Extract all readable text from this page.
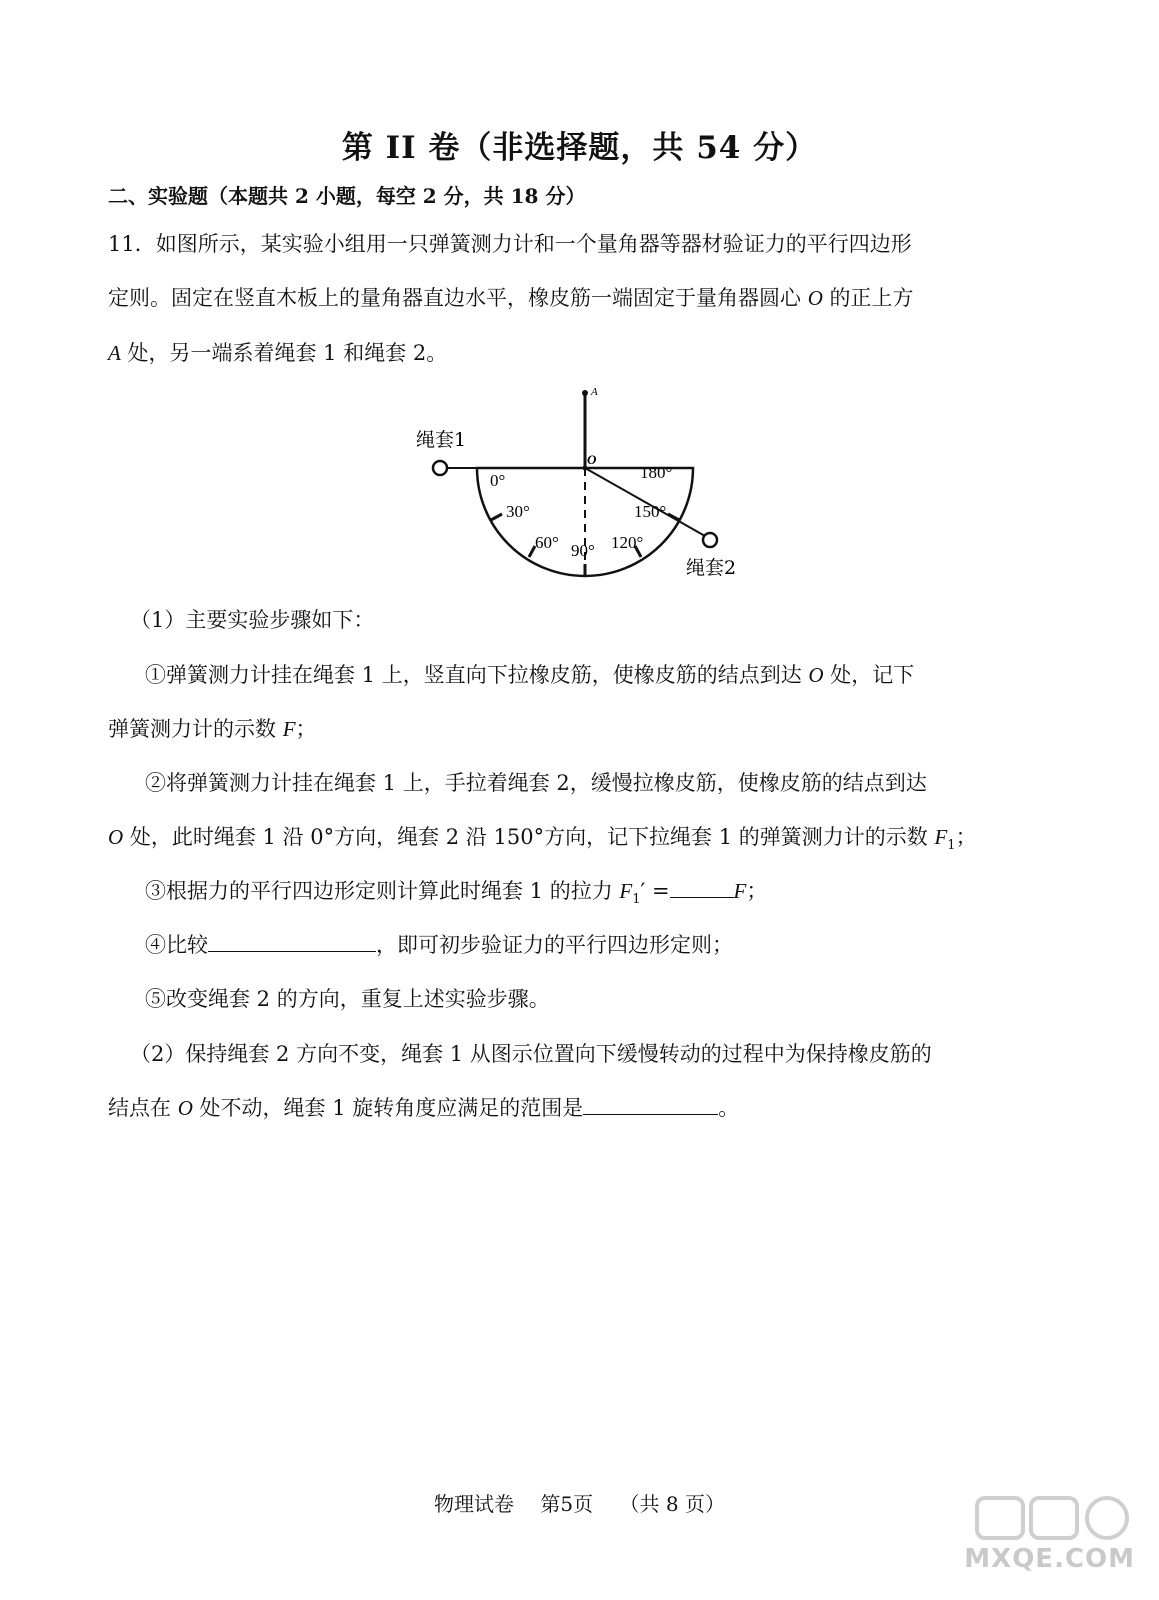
第 II 卷（非选择题，共 54 分）
二、实验题（本题共 2 小题，每空 2 分，共 18 分）
11．如图所示，某实验小组用一只弹簧测力计和一个量角器等器材验证力的平行四边形
定则。固定在竖直木板上的量角器直边水平，橡皮筋一端固定于量角器圆心 O 的正上方
A 处，另一端系着绳套 1 和绳套 2。
A
绳套1
绳套2
O
0°
30°
60° 90° 120°
150°
180°
（1）主要实验步骤如下：
①弹簧测力计挂在绳套 1 上，竖直向下拉橡皮筋，使橡皮筋的结点到达 O 处，记下
弹簧测力计的示数 F；
②将弹簧测力计挂在绳套 1 上，手拉着绳套 2，缓慢拉橡皮筋，使橡皮筋的结点到达
O 处，此时绳套 1 沿 0°方向，绳套 2 沿 150°方向，记下拉绳套 1 的弹簧测力计的示数 $F_1$；
③根据力的平行四边形定则计算此时绳套 1 的拉力 $F_1'$ =	F；
④比较	，即可初步验证力的平行四边形定则；
⑤改变绳套 2 的方向，重复上述实验步骤。
（2）保持绳套 2 方向不变，绳套 1 从图示位置向下缓慢转动的过程中为保持橡皮筋的
结点在 O 处不动，绳套 1 旋转角度应满足的范围是	。
物理试卷 第5页 （共 8 页）
MXQE.COM
